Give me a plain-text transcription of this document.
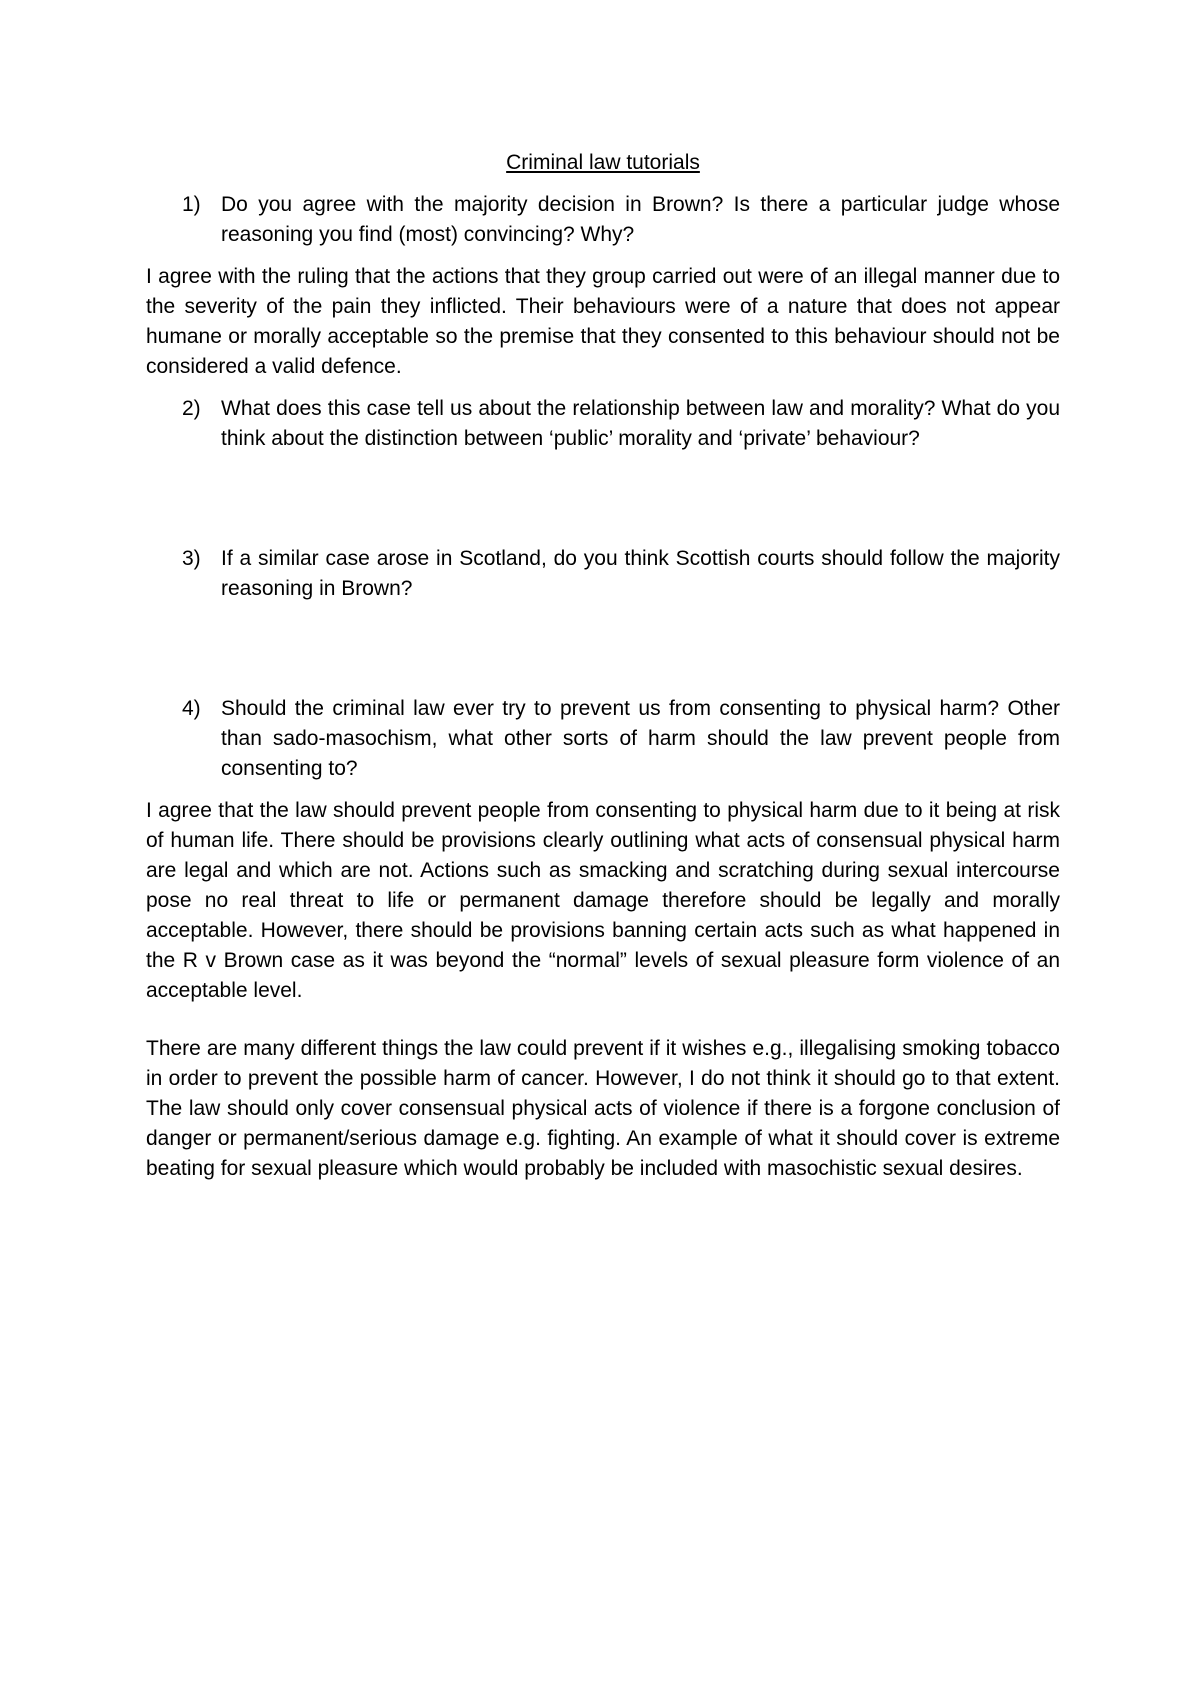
Criminal law tutorials

1) Do you agree with the majority decision in Brown? Is there a particular judge whose reasoning you find (most) convincing? Why?

I agree with the ruling that the actions that they group carried out were of an illegal manner due to the severity of the pain they inflicted. Their behaviours were of a nature that does not appear humane or morally acceptable so the premise that they consented to this behaviour should not be considered a valid defence.

2) What does this case tell us about the relationship between law and morality? What do you think about the distinction between ‘public’ morality and ‘private’ behaviour?

3) If a similar case arose in Scotland, do you think Scottish courts should follow the majority reasoning in Brown?

4) Should the criminal law ever try to prevent us from consenting to physical harm? Other than sado-masochism, what other sorts of harm should the law prevent people from consenting to?

I agree that the law should prevent people from consenting to physical harm due to it being at risk of human life. There should be provisions clearly outlining what acts of consensual physical harm are legal and which are not. Actions such as smacking and scratching during sexual intercourse pose no real threat to life or permanent damage therefore should be legally and morally acceptable. However, there should be provisions banning certain acts such as what happened in the R v Brown case as it was beyond the “normal” levels of sexual pleasure form violence of an acceptable level.

There are many different things the law could prevent if it wishes e.g., illegalising smoking tobacco in order to prevent the possible harm of cancer. However, I do not think it should go to that extent. The law should only cover consensual physical acts of violence if there is a forgone conclusion of danger or permanent/serious damage e.g. fighting. An example of what it should cover is extreme beating for sexual pleasure which would probably be included with masochistic sexual desires.
